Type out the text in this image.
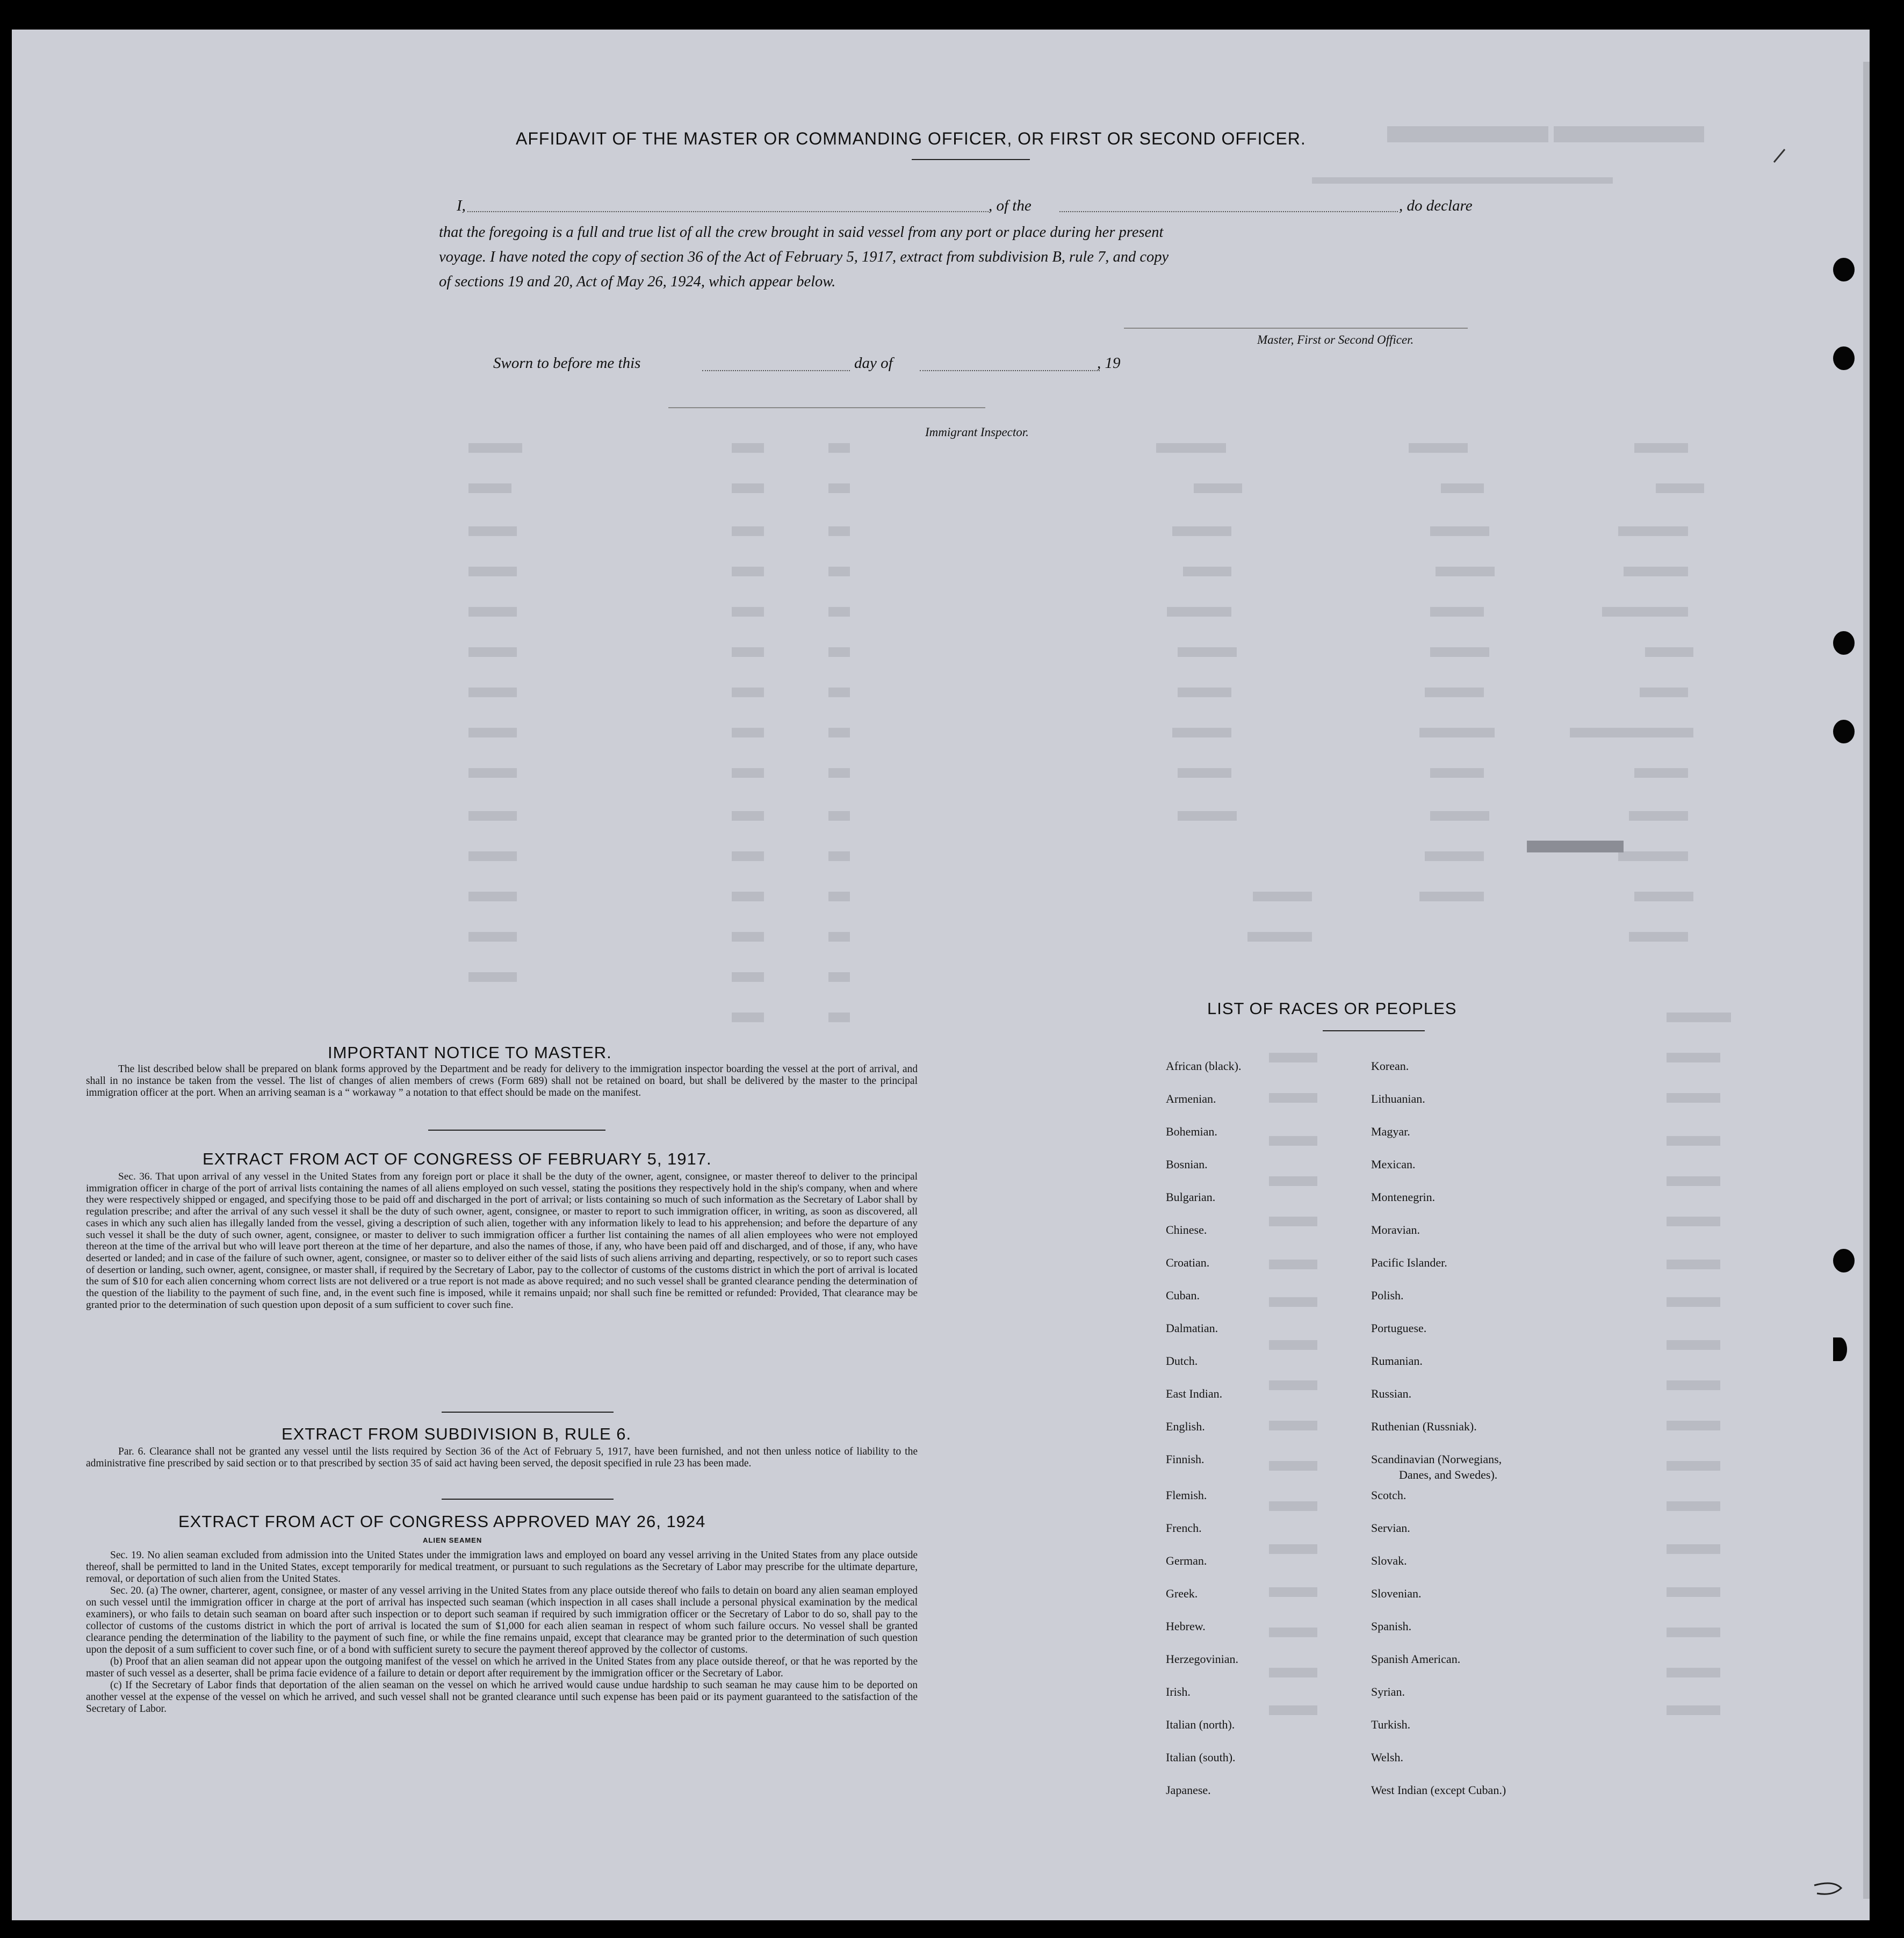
AFFIDAVIT OF THE MASTER OR COMMANDING OFFICER, OR FIRST OR SECOND OFFICER.
I,	, of the	, do declare
that the foregoing is a full and true list of all the crew brought in said vessel from any port or place during her present
voyage. I have noted the copy of section 36 of the Act of February 5, 1917, extract from subdivision B, rule 7, and copy
of sections 19 and 20, Act of May 26, 1924, which appear below.
Master, First or Second Officer.
Sworn to before me this	day of	, 19
Immigrant Inspector.
IMPORTANT NOTICE TO MASTER.
The list described below shall be prepared on blank forms approved by the Department and be ready for delivery to the immigration inspector boarding the vessel at the port of arrival, and shall in no instance be taken from the vessel. The list of changes of alien members of crews (Form 689) shall not be retained on board, but shall be delivered by the master to the principal immigration officer at the port. When an arriving seaman is a “ workaway ” a notation to that effect should be made on the manifest.
EXTRACT FROM ACT OF CONGRESS OF FEBRUARY 5, 1917.
Sec. 36. That upon arrival of any vessel in the United States from any foreign port or place it shall be the duty of the owner, agent, consignee, or master thereof to deliver to the principal immigration officer in charge of the port of arrival lists containing the names of all aliens employed on such vessel, stating the positions they respectively hold in the ship's company, when and where they were respectively shipped or engaged, and specifying those to be paid off and discharged in the port of arrival; or lists containing so much of such information as the Secretary of Labor shall by regulation prescribe; and after the arrival of any such vessel it shall be the duty of such owner, agent, consignee, or master to report to such immigration officer, in writing, as soon as discovered, all cases in which any such alien has illegally landed from the vessel, giving a description of such alien, together with any information likely to lead to his apprehension; and before the departure of any such vessel it shall be the duty of such owner, agent, consignee, or master to deliver to such immigration officer a further list containing the names of all alien employees who were not employed thereon at the time of the arrival but who will leave port thereon at the time of her departure, and also the names of those, if any, who have been paid off and discharged, and of those, if any, who have deserted or landed; and in case of the failure of such owner, agent, consignee, or master so to deliver either of the said lists of such aliens arriving and departing, respectively, or so to report such cases of desertion or landing, such owner, agent, consignee, or master shall, if required by the Secretary of Labor, pay to the collector of customs of the customs district in which the port of arrival is located the sum of $10 for each alien concerning whom correct lists are not delivered or a true report is not made as above required; and no such vessel shall be granted clearance pending the determination of the question of the liability to the payment of such fine, and, in the event such fine is imposed, while it remains unpaid; nor shall such fine be remitted or refunded: Provided, That clearance may be granted prior to the determination of such question upon deposit of a sum sufficient to cover such fine.
EXTRACT FROM SUBDIVISION B, RULE 6.
Par. 6. Clearance shall not be granted any vessel until the lists required by Section 36 of the Act of February 5, 1917, have been furnished, and not then unless notice of liability to the administrative fine prescribed by said section or to that prescribed by section 35 of said act having been served, the deposit specified in rule 23 has been made.
EXTRACT FROM ACT OF CONGRESS APPROVED MAY 26, 1924
ALIEN SEAMEN

Sec. 19. No alien seaman excluded from admission into the United States under the immigration laws and employed on board any vessel arriving in the United States from any place outside thereof, shall be permitted to land in the United States, except temporarily for medical treatment, or pursuant to such regulations as the Secretary of Labor may prescribe for the ultimate departure, removal, or deportation of such alien from the United States.

Sec. 20. (a) The owner, charterer, agent, consignee, or master of any vessel arriving in the United States from any place outside thereof who fails to detain on board any alien seaman employed on such vessel until the immigration officer in charge at the port of arrival has inspected such seaman (which inspection in all cases shall include a personal physical examination by the medical examiners), or who fails to detain such seaman on board after such inspection or to deport such seaman if required by such immigration officer or the Secretary of Labor to do so, shall pay to the collector of customs of the customs district in which the port of arrival is located the sum of $1,000 for each alien seaman in respect of whom such failure occurs. No vessel shall be granted clearance pending the determination of the liability to the payment of such fine, or while the fine remains unpaid, except that clearance may be granted prior to the determination of such question upon the deposit of a sum sufficient to cover such fine, or of a bond with sufficient surety to secure the payment thereof approved by the collector of customs.

(b) Proof that an alien seaman did not appear upon the outgoing manifest of the vessel on which he arrived in the United States from any place outside thereof, or that he was reported by the master of such vessel as a deserter, shall be prima facie evidence of a failure to detain or deport after requirement by the immigration officer or the Secretary of Labor.

(c) If the Secretary of Labor finds that deportation of the alien seaman on the vessel on which he arrived would cause undue hardship to such seaman he may cause him to be deported on another vessel at the expense of the vessel on which he arrived, and such vessel shall not be granted clearance until such expense has been paid or its payment guaranteed to the satisfaction of the Secretary of Labor.

LIST OF RACES OR PEOPLES
African (black).
Armenian.
Bohemian.
Bosnian.
Bulgarian.
Chinese.
Croatian.
Cuban.
Dalmatian.
Dutch.
East Indian.
English.
Finnish.
Flemish.
French.
German.
Greek.
Hebrew.
Herzegovinian.
Irish.
Italian (north).
Italian (south).
Japanese.
Korean.
Lithuanian.
Magyar.
Mexican.
Montenegrin.
Moravian.
Pacific Islander.
Polish.
Portuguese.
Rumanian.
Russian.
Ruthenian (Russniak).
Scandinavian (Norwegians,
Danes, and Swedes).
Scotch.
Servian.
Slovak.
Slovenian.
Spanish.
Spanish American.
Syrian.
Turkish.
Welsh.
West Indian (except Cuban.)
